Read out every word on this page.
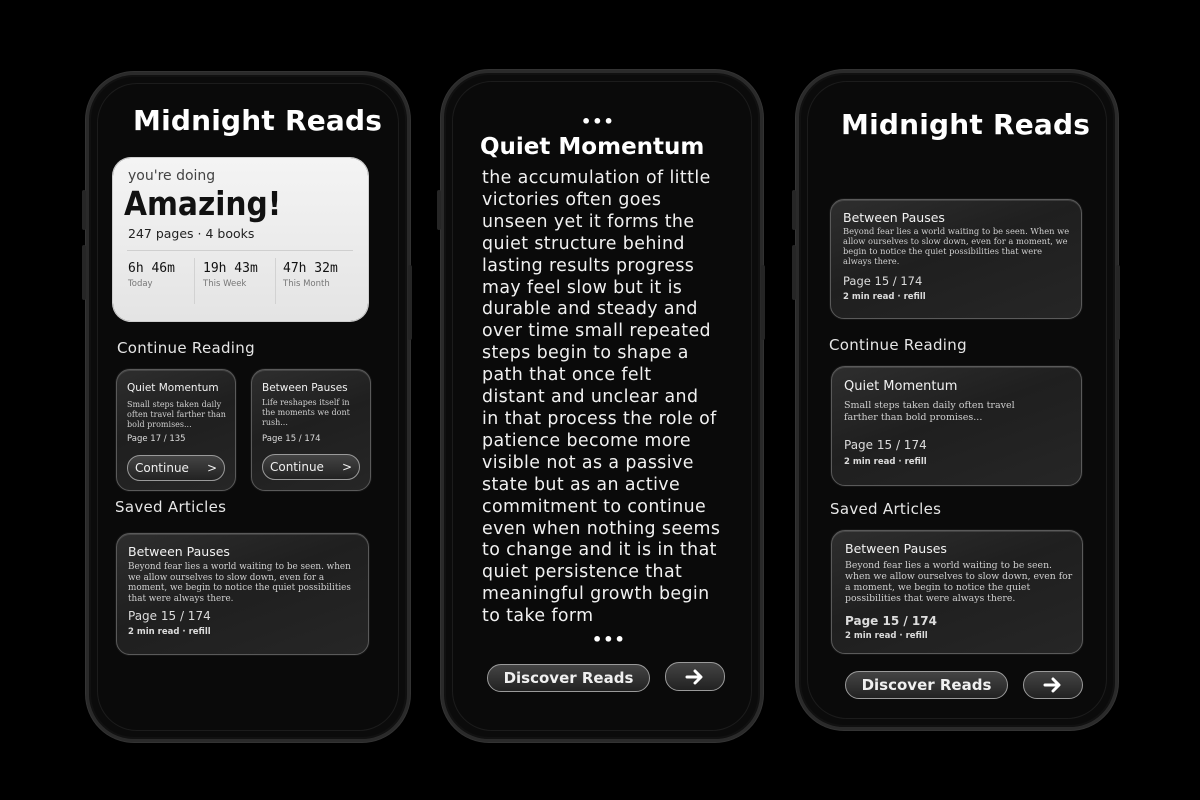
Midnight Reads
you're doing
Amazing!
247 pages · 4 books
6h 46m
Today
19h 43m
This Week
47h 32m
This Month
Continue Reading
Quiet Momentum
Small steps taken daily often travel farther than bold promises...
Page 17 / 135
Continue >
Between Pauses
Life reshapes itself in the moments we dont rush...
Page 15 / 174
Continue >
Saved Articles
Between Pauses
Beyond fear lies a world waiting to be seen. when we allow ourselves to slow down, even for a moment, we begin to notice the quiet possibilities that were always there.
Page 15 / 174
2 min read · refill
•••
Quiet Momentum
the accumulation of little
victories often goes
unseen yet it forms the
quiet structure behind
lasting results progress
may feel slow but it is
durable and steady and
over time small repeated
steps begin to shape a
path that once felt
distant and unclear and
in that process the role of
patience become more
visible not as a passive
state but as an active
commitment to continue
even when nothing seems
to change and it is in that
quiet persistence that
meaningful growth begin
to take form
•••
Discover Reads
Midnight Reads
Between Pauses
Beyond fear lies a world waiting to be seen. When we allow ourselves to slow down, even for a moment, we begin to notice the quiet possibilities that were always there.
Page 15 / 174
2 min read · refill
Continue Reading
Quiet Momentum
Small steps taken daily often travel farther than bold promises...
Page 15 / 174
2 min read · refill
Saved Articles
Between Pauses
Beyond fear lies a world waiting to be seen. when we allow ourselves to slow down, even for a moment, we begin to notice the quiet possibilities that were always there.
Page 15 / 174
2 min read · refill
Discover Reads
